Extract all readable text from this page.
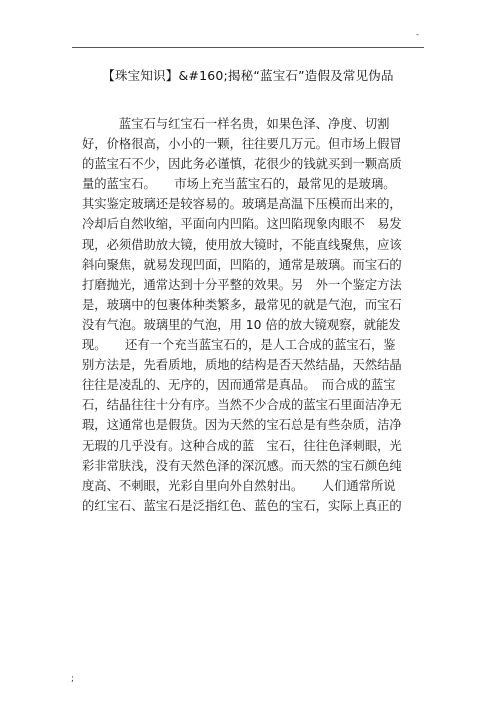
-
【珠宝知识】&#160;揭秘“蓝宝石”造假及常见伪品
　　　蓝宝石与红宝石一样名贵，如果色泽、净度、切割
好，价格很高，小小的一颗，往往要几万元。但市场上假冒
的蓝宝石不少，因此务必谨慎，花很少的钱就买到一颗高质
量的蓝宝石。　　市场上充当蓝宝石的，最常见的是玻璃。
其实鉴定玻璃还是较容易的。玻璃是高温下压模而出来的，
冷却后自然收缩，平面向内凹陷。这凹陷现象肉眼不　易发
现，必须借助放大镜，使用放大镜时，不能直线聚焦，应该
斜向聚焦，就易发现凹面，凹陷的，通常是玻璃。而宝石的
打磨抛光，通常达到十分平整的效果。另　外一个鉴定方法
是，玻璃中的包裹体种类繁多，最常见的就是气泡，而宝石
没有气泡。玻璃里的气泡，用 10 倍的放大镜观察，就能发
现。　　还有一个充当蓝宝石的，是人工合成的蓝宝石，鉴
别方法是，先看质地，质地的结构是否天然结晶，天然结晶
往往是凌乱的、无序的，因而通常是真品。　而合成的蓝宝
石，结晶往往十分有序。当然不少合成的蓝宝石里面洁净无
瑕，这通常也是假货。因为天然的宝石总是有些杂质，洁净
无瑕的几乎没有。这种合成的蓝　宝石，往往色泽刺眼，光
彩非常肤浅，没有天然色泽的深沉感。而天然的宝石颜色纯
度高、不刺眼，光彩自里向外自然射出。　　人们通常所说
的红宝石、蓝宝石是泛指红色、蓝色的宝石，实际上真正的
;
